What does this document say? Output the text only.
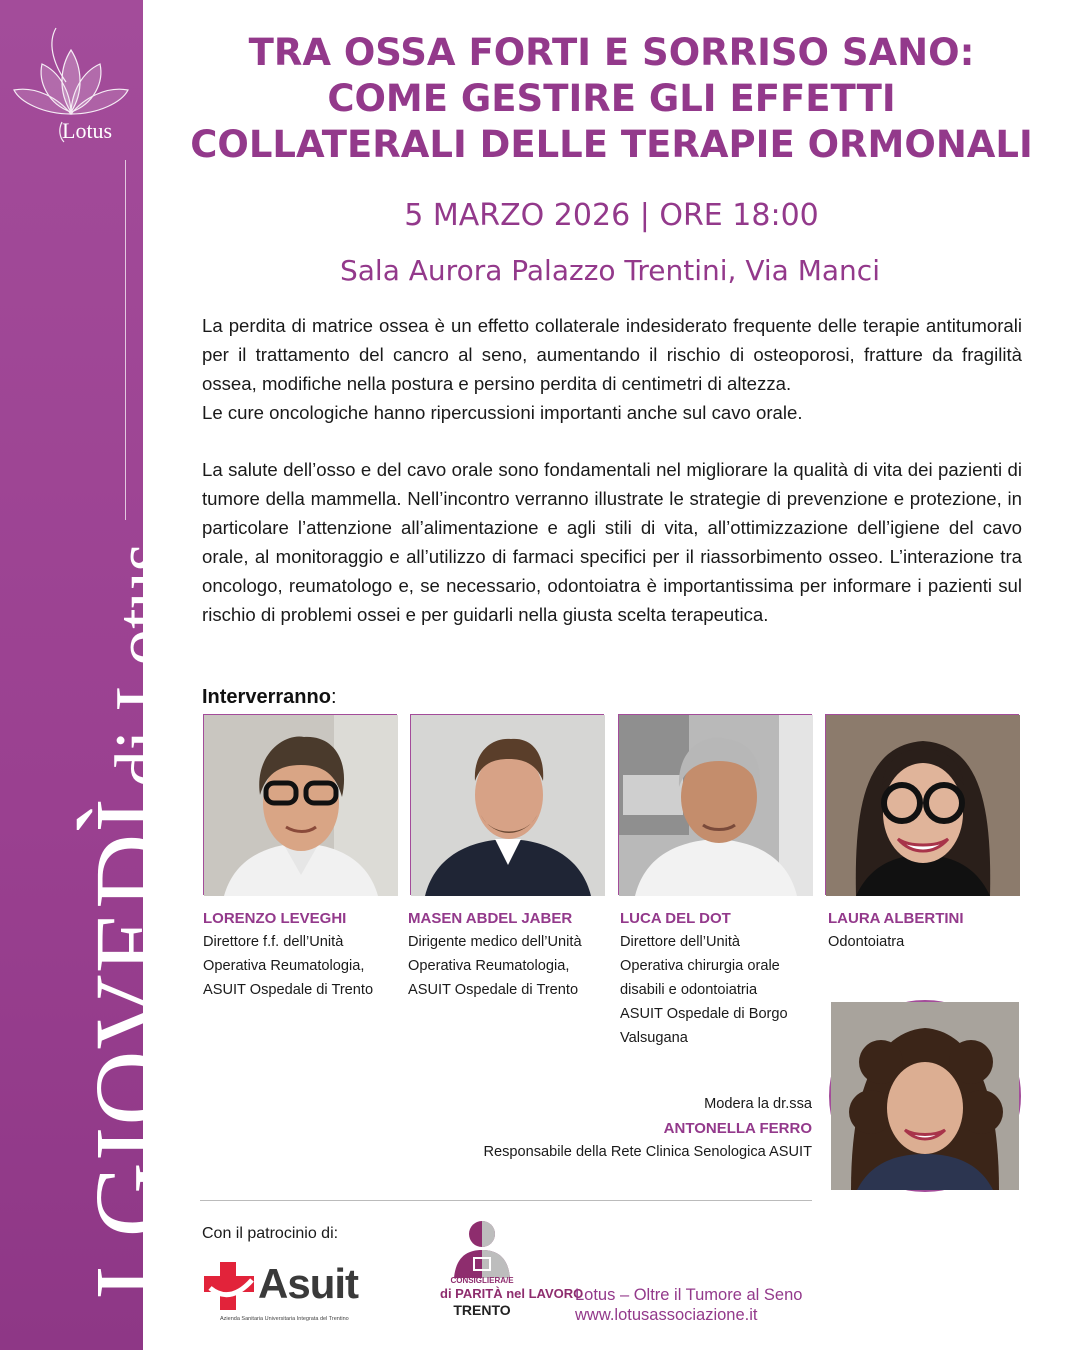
Lotus
I GIOVEDÌdi Lotus
TRA OSSA FORTI E SORRISO SANO:
COME GESTIRE GLI EFFETTI
COLLATERALI DELLE TERAPIE ORMONALI
5 MARZO 2026 | ORE 18:00
Sala Aurora Palazzo Trentini, Via Manci

La perdita di matrice ossea è un effetto collaterale indesiderato frequente delle terapie antitumorali per il trattamento del cancro al seno, aumentando il rischio di osteoporosi, fratture da fragilità ossea, modifiche nella postura e persino perdita di centimetri di altezza.

Le cure oncologiche hanno ripercussioni importanti anche sul cavo orale.

La salute dell’osso e del cavo orale sono fondamentali nel migliorare la qualità di vita dei pazienti di tumore della mammella. Nell’incontro verranno illustrate le strategie di prevenzione e protezione, in particolare l’attenzione all’alimentazione e agli stili di vita, all’ottimizzazione dell’igiene del cavo orale, al monitoraggio e all’utilizzo di farmaci specifici per il riassorbimento osseo. L’interazione tra oncologo, reumatologo e, se necessario, odontoiatra è importantissima per informare i pazienti sul rischio di problemi ossei e per guidarli nella giusta scelta terapeutica.

Interverranno:
LORENZO LEVEGHI
Direttore f.f. dell’Unità
Operativa Reumatologia,
ASUIT Ospedale di Trento
MASEN ABDEL JABER
Dirigente medico dell’Unità
Operativa Reumatologia,
ASUIT Ospedale di Trento
LUCA DEL DOT
Direttore dell’Unità
Operativa chirurgia orale
disabili e odontoiatria
ASUIT Ospedale di Borgo
Valsugana
LAURA ALBERTINI
Odontoiatra
Modera la dr.ssa
ANTONELLA FERRO
Responsabile della Rete Clinica Senologica ASUIT
Con il patrocinio di:
Asuit
Azienda Sanitaria Universitaria Integrata del Trentino
CONSIGLIERA/E
di PARITÀ nel LAVORO
TRENTO
Lotus – Oltre il Tumore al Seno
www.lotusassociazione.it
